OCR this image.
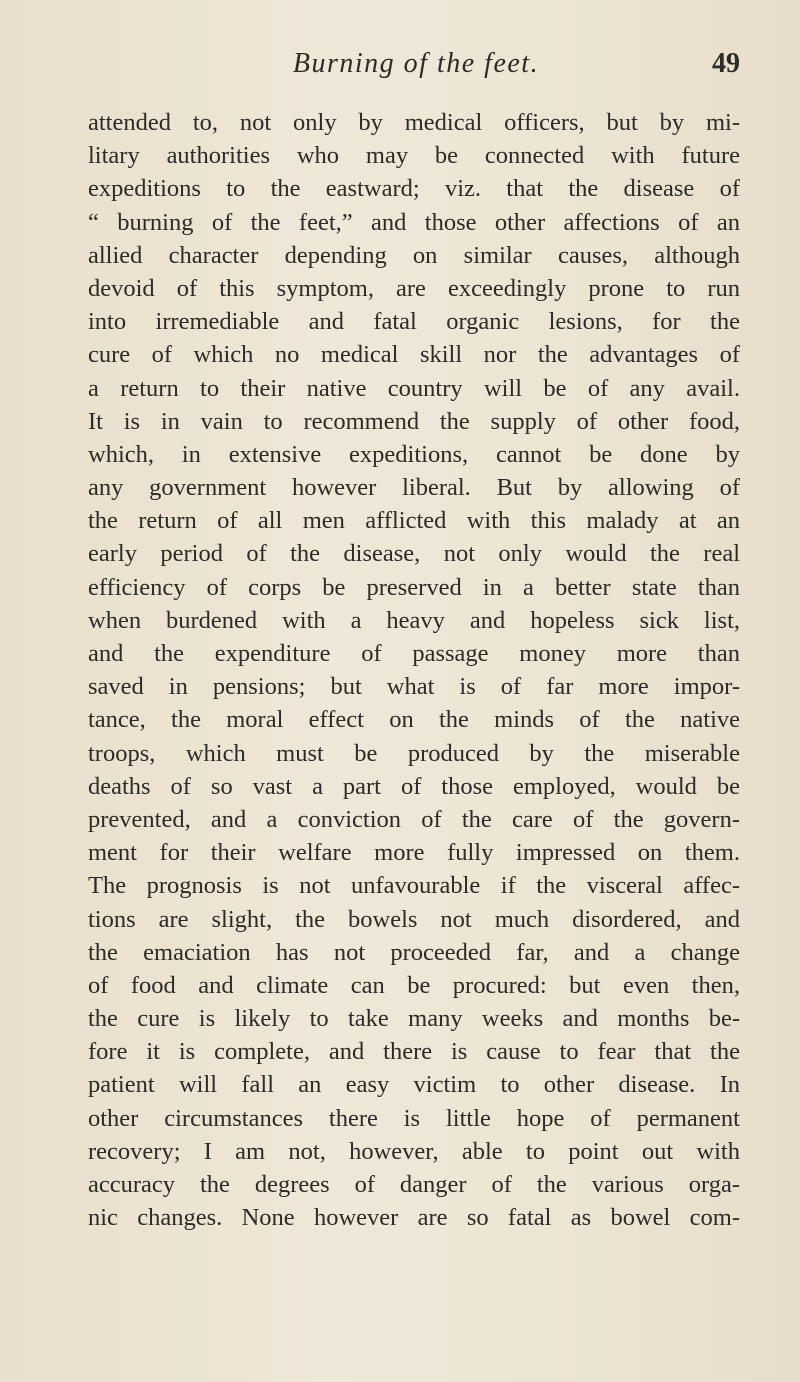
Burning of the feet.	49
attended to, not only by medical officers, but by mi-
litary authorities who may be connected with future
expeditions to the eastward; viz. that the disease of
“ burning of the feet,” and those other affections of an
allied character depending on similar causes, although
devoid of this symptom, are exceedingly prone to run
into irremediable and fatal organic lesions, for the
cure of which no medical skill nor the advantages of
a return to their native country will be of any avail.
It is in vain to recommend the supply of other food,
which, in extensive expeditions, cannot be done by
any government however liberal. But by allowing of
the return of all men afflicted with this malady at an
early period of the disease, not only would the real
efficiency of corps be preserved in a better state than
when burdened with a heavy and hopeless sick list,
and the expenditure of passage money more than
saved in pensions; but what is of far more impor-
tance, the moral effect on the minds of the native
troops, which must be produced by the miserable
deaths of so vast a part of those employed, would be
prevented, and a conviction of the care of the govern-
ment for their welfare more fully impressed on them.
The prognosis is not unfavourable if the visceral affec-
tions are slight, the bowels not much disordered, and
the emaciation has not proceeded far, and a change
of food and climate can be procured: but even then,
the cure is likely to take many weeks and months be-
fore it is complete, and there is cause to fear that the
patient will fall an easy victim to other disease. In
other circumstances there is little hope of permanent
recovery; I am not, however, able to point out with
accuracy the degrees of danger of the various orga-
nic changes. None however are so fatal as bowel com-
